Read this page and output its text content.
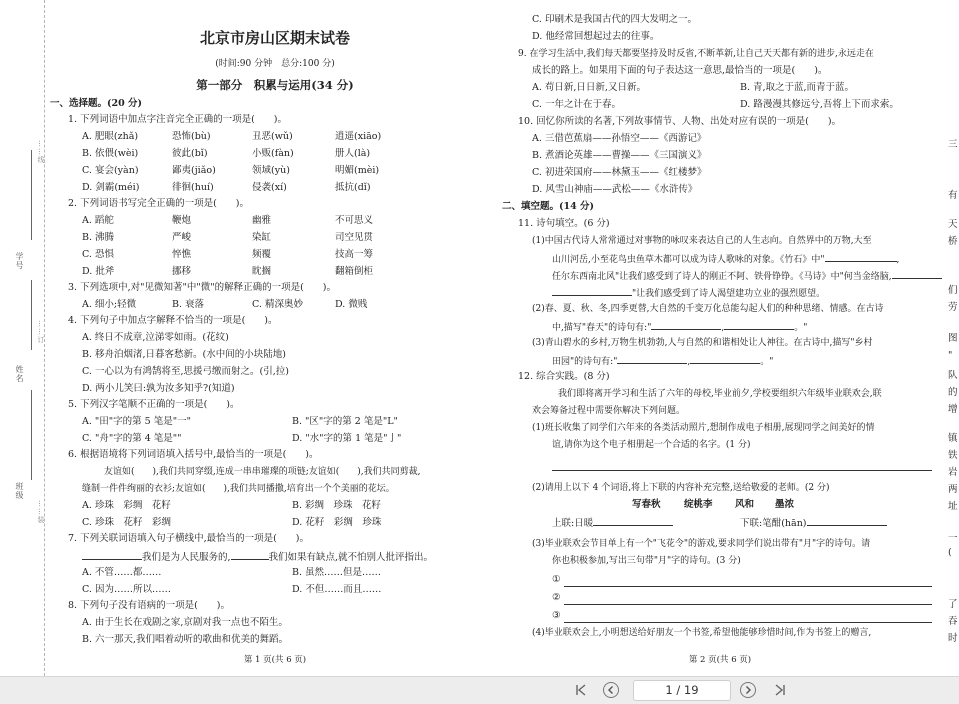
学号
姓名
班级
……线
……订
……装
北京市房山区期末试卷
(时间:90 分钟　总分:100 分)
第一部分　积累与运用(34 分)
一、选择题。(20 分)
1. 下列词语中加点字注音完全正确的一项是(　　)。
A. 肥眼(zhǎ)	恐怖(bù)	丑恶(wǔ)	逍遥(xiāo)
B. 依偎(wèi)	彼此(bǐ)	小贩(fàn)	册人(là)
C. 宴会(yàn)	鄙夷(jiǎo)	领域(yù)	明媚(mèi)
D. 剑霸(méi)	徘徊(huí)	侵袭(xí)	抵抗(dǐ)
2. 下列词语书写完全正确的一项是(　　)。
A. 蹈舵	鞭炮	幽雅	不可思义
B. 沸腾	严峻	染缸	司空见贯
C. 恐惧	悴憔	频覆	技高一筹
D. 批斧	挪移	眈搁	翻箱倒柜
3. 下列选项中,对"见微知著"中"微"的解释正确的一项是(　　)。
A. 细小;轻微	B. 衰落	C. 精深奥妙	D. 微贱
4. 下列句子中加点字解释不恰当的一项是(　　)。
A. 终日不成章,泣涕零如雨。(花纹)
B. 移舟泊烟渚,日暮客愁新。(水中间的小块陆地)
C. 一心以为有鸿鹄将至,思援弓缴而射之。(引,拉)
D. 两小儿笑曰:孰为汝多知乎?(知道)
5. 下列汉字笔顺不正确的一项是(　　)。
A. "田"字的第 5 笔是"一"	B. "区"字的第 2 笔是"L"
C. "舟"字的第 4 笔是""	D. "水"字的第 1 笔是"亅"
6. 根据语境将下列词语填入括号中,最恰当的一项是(　　)。
友谊如(　　),我们共同穿缀,连成一串串璀璨的项链;友谊如(　　),我们共同剪裁,
缝制一件件绚丽的衣衫;友谊如(　　),我们共同播撒,培育出一个个美丽的花坛。
A. 珍珠　彩绸　花籽	B. 彩绸　珍珠　花籽
C. 珍珠　花籽　彩绸	D. 花籽　彩绸　珍珠
7. 下列关联词语填入句子横线中,最恰当的一项是(　　)。
我们是为人民服务的,	我们如果有缺点,就不怕别人批评指出。
A. 不管……都……	B. 虽然……但是……
C. 因为……所以……	D. 不但……而且……
8. 下列句子没有语病的一项是(　　)。
A. 由于生长在戏剧之家,京剧对我一点也不陌生。
B. 六一那天,我们唱着动听的歌曲和优美的舞蹈。
第 1 页(共 6 页)
C. 印刷术是我国古代的四大发明之一。
D. 他经常回想起过去的往事。
9. 在学习生活中,我们每天都要坚持及时反省,不断革新,让自己天天都有新的进步,永远走在
成长的路上。如果用下面的句子表达这一意思,最恰当的一项是(　　)。
A. 苟日新,日日新,又日新。	B. 青,取之于蓝,而青于蓝。
C. 一年之计在于春。	D. 路漫漫其修远兮,吾将上下而求索。
10. 回忆你所读的名著,下列故事情节、人物、出处对应有误的一项是(　　)。
A. 三借芭蕉扇——孙悟空——《西游记》
B. 煮酒论英雄——曹操——《三国演义》
C. 初进荣国府——林黛玉——《红楼梦》
D. 风雪山神庙——武松——《水浒传》
二、填空题。(14 分)
11. 诗句填空。(6 分)
(1)中国古代诗人常常通过对事物的咏叹来表达自己的人生志向。自然界中的万物,大至
山川河岳,小至花鸟虫鱼草木都可以成为诗人歌咏的对象。《竹石》中"	,
任尔东西南北风"让我们感受到了诗人的刚正不阿、铁骨铮铮。《马诗》中"何当金络脑,
"让我们感受到了诗人渴望建功立业的强烈愿望。
(2)春、夏、秋、冬,四季更替,大自然的千变万化总能勾起人们的种种思绪、情感。在古诗
中,描写"春天"的诗句有:"	,	。"
(3)青山碧水的乡村,万物生机勃勃,人与自然的和谐相处让人神往。在古诗中,描写"乡村
田园"的诗句有:"	,	。"
12. 综合实践。(8 分)
我们即将离开学习和生活了六年的母校,毕业前夕,学校要组织六年级毕业联欢会,联
欢会筹备过程中需要你解决下列问题。
(1)班长收集了同学们六年来的各类活动照片,想制作成电子相册,展现同学之间美好的情
谊,请你为这个电子相册起一个合适的名字。(1 分)
(2)请用上以下 4 个词语,将上下联的内容补充完整,送给敬爱的老师。(2 分)
写春秋 绽桃李 风和 墨浓
上联:日暖	下联:笔酣(hān)
(3)毕业联欢会节目单上有一个"飞花令"的游戏,要求同学们说出带有"月"字的诗句。请
你也积极参加,写出三句带"月"字的诗句。(3 分)
①
②
③
(4)毕业联欢会上,小明想送给好朋友一个书签,希望他能够珍惜时间,作为书签上的赠言,
第 2 页(共 6 页)
三
有
天
桥
们
劳
图
"
队
的
增
镇
铁
岩
两
址
一
(
了
吞
时
1 / 19
